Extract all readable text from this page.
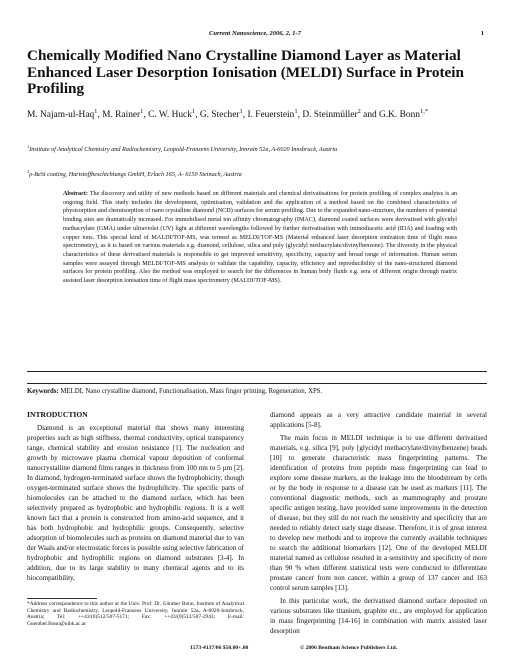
Current Nanoscience, 2006, 2, 1-7	1
Chemically Modified Nano Crystalline Diamond Layer as Material Enhanced Laser Desorption Ionisation (MELDI) Surface in Protein Profiling
M. Najam-ul-Haq$^1$, M. Rainer$^1$, C. W. Huck$^1$, G. Stecher$^1$, I. Feuerstein$^1$, D. Steinmüller$^2$ and G.K. Bonn$^{1,*}$
$^1$Institute of Analytical Chemistry and Radiochemistry, Leopold-Franzens University, Innrain 52a, A-6020 Innsbruck, Austria
$^2$ρ-BeSt coating, Hartstoffbeschichtungs GmbH, Erlach 165, A- 6150 Steinach, Austria
Abstract: The discovery and utility of new methods based on different materials and chemical derivatisations for protein profiling of complex analytes is an ongoing field. This study includes the development, optimisation, validation and the application of a method based on the combined characteristics of physisorption and chemisorption of nano crystalline diamond (NCD) surfaces for serum profiling. Due to the expanded nano-structure, the numbers of potential binding sites are dramatically increased. For immobilised metal ion affinity chromatography (IMAC), diamond coated surfaces were derivatised with glycidyl methacrylate (GMA) under ultraviolet (UV) light at different wavelengths followed by further derivatisation with iminodiacetic acid (IDA) and loading with copper ions. This special kind of MALDI/TOF-MS, was termed as MELDI/TOF-MS (Material enhanced laser desorption ionization time of flight mass spectrometry), as it is based on various materials e.g. diamond, cellulose, silica and poly (glycidyl methacrylate/divinylbenzene). The diversity in the physical characteristics of these derivatised materials is responsible to get improved sensitivity, specificity, capacity and broad range of information. Human serum samples were assayed through MELDI/TOF-MS analysis to validate the capability, capacity, efficiency and reproducibility of the nano-structured diamond surfaces for protein profiling. Also the method was employed to search for the differences in human body fluids e.g. sera of different origin through matrix assisted laser desorption ionisation time of flight mass spectrometry (MALDI/TOF-MS).
Keywords: MELDI, Nano crystalline diamond, Functionalisation, Mass finger printing, Regeneration, XPS.
INTRODUCTION

Diamond is an exceptional material that shows many interesting properties such as high stiffness, thermal conductivity, optical transparency range, chemical stability and erosion resistance [1]. The nucleation and growth by microwave plasma chemical vapour deposition of conformal nanocrystalline diamond films ranges in thickness from 100 nm to 5 µm [2]. In diamond, hydrogen-terminated surface shows the hydrophobicity, though oxygen-terminated surface shows the hydrophilicity. The specific parts of biomolecules can be attached to the diamond surface, which has been selectively prepared as hydrophobic and hydrophilic regions. It is a well known fact that a protein is constructed from amino-acid sequence, and it has both hydrophobic and hydrophilic groups. Consequently, selective adsorption of biomolecules such as proteins on diamond material due to van der Waals and/or electrostatic forces is possible using selective fabrication of hydrophobic and hydrophilic regions on diamond substrates [3-4]. In addition, due to its large stability to many chemical agents and to its biocompatibility,

diamond appears as a very attractive candidate material in several applications [5-8].

The main focus in MELDI technique is to use different derivatised materials, e.g. silica [9], poly [glycidyl methacrylate/divinylbenzene) beads [10] to generate characteristic mass fingerprinting patterns. The identification of proteins from peptide mass fingerprinting can lead to explore some disease markers, as the leakage into the bloodstream by cells or by the body in response to a disease can be used as markers [11]. The conventional diagnostic methods, such as mammography and prostate specific antigen testing, have provided some improvements in the detection of disease, but they still do not reach the sensitivity and specificity that are needed to reliably detect early stage disease. Therefore, it is of great interest to develop new methods and to improve the currently available techniques to search the additional biomarkers [12]. One of the developed MELDI material named as cellulose resulted in a sensitivity and specificity of more than 90 % when different statistical tests were conducted to differentiate prostate cancer from non cancer, within a group of 137 cancer and 163 control serum samples [13].

In this particular work, the derivatised diamond surface deposited on various substrates like titanium, graphite etc., are employed for application in mass fingerprinting [14-16] in combination with matrix assisted laser desorption

*Address correspondence to this author at the Univ. Prof. Dr. Günther Bonn, Institute of Analytical Chemistry and Radiochemistry, Leopold-Franzens University, Innrain 52a, A-6020-Innsbruck, Austria; Tel: ++43/(0)512/507-5171; Fax: ++43/(0)512/507-2943; E-mail: Guenther.Bonn@uibk.ac.at
1573-4137/06 $50.00+.00	© 2006 Bentham Science Publishers Ltd.
